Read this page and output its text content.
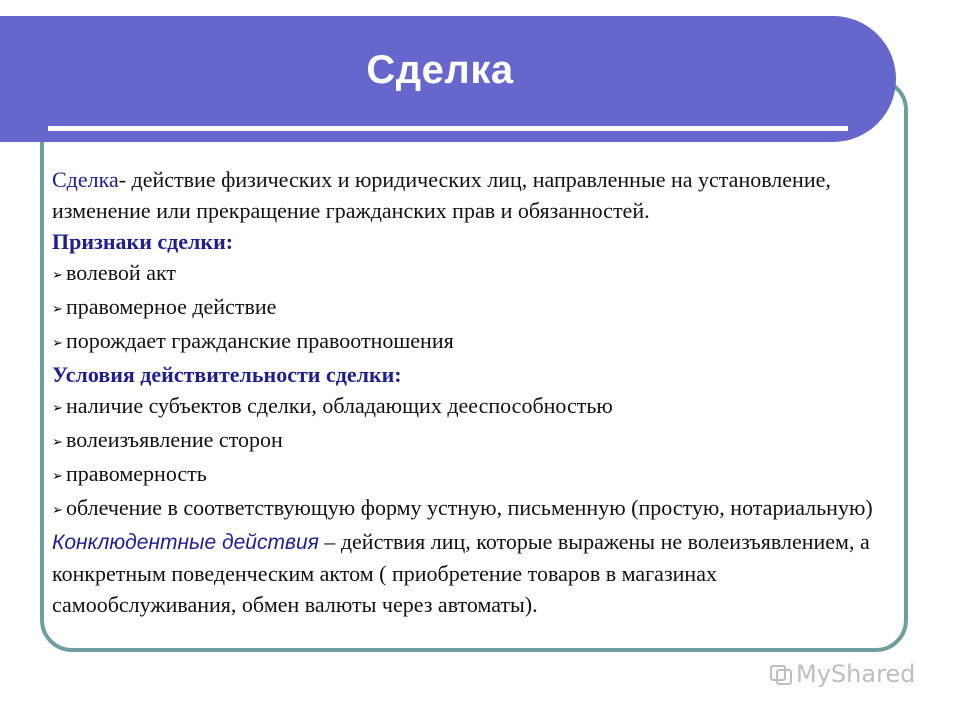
Сделка

Сделка- действие физических и юридических лиц, направленные на установление, изменение или прекращение гражданских прав и обязанностей.

Признаки сделки:

➢ волевой акт
➢ правомерное действие
➢ порождает гражданские правоотношения

Условия действительности сделки:

➢ наличие субъектов сделки, обладающих дееспособностью
➢ волеизъявление сторон
➢ правомерность
➢ облечение в соответствующую форму устную, письменную (простую, нотариальную)

Конклюдентные действия – действия лиц, которые выражены не волеизъявлением, а конкретным поведенческим актом ( приобретение товаров в магазинах самообслуживания, обмен валюты через автоматы).

MyShared
